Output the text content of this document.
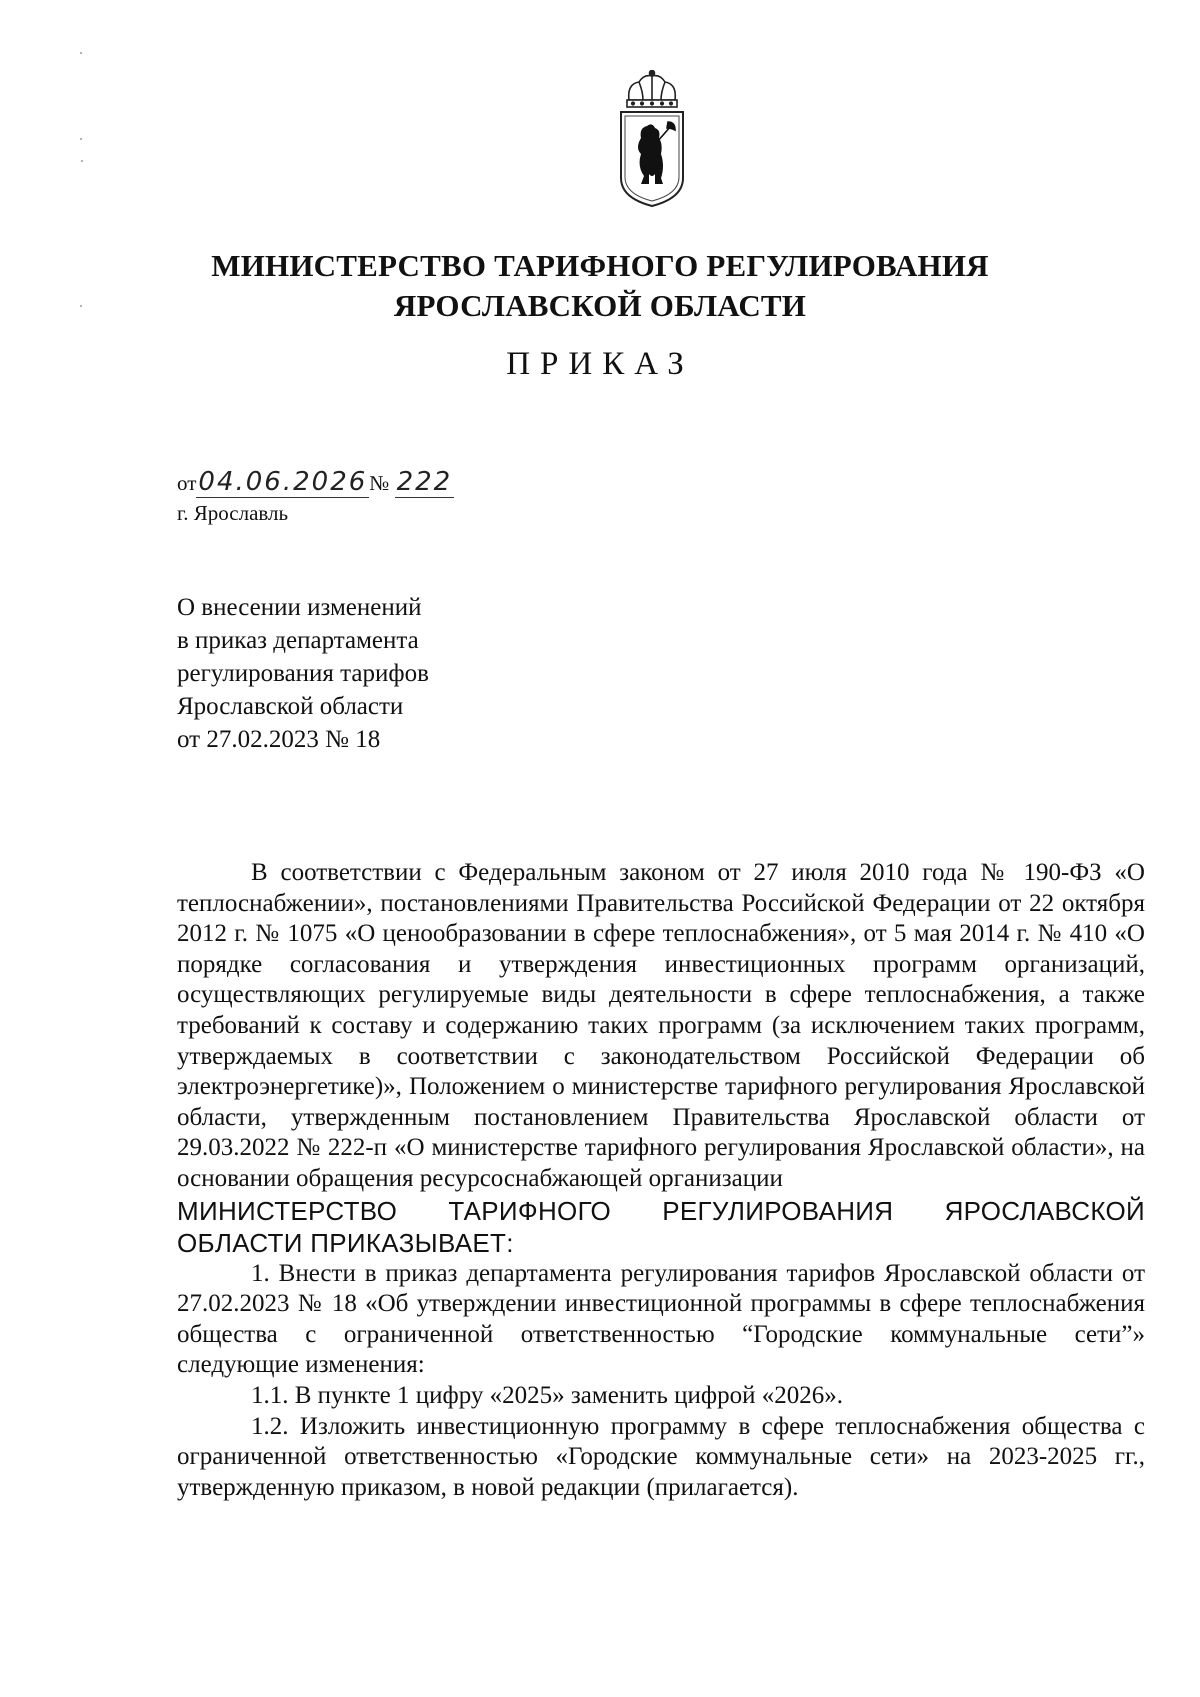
МИНИСТЕРСТВО ТАРИФНОГО РЕГУЛИРОВАНИЯ
ЯРОСЛАВСКОЙ ОБЛАСТИ
ПРИКАЗ
от04.06.2026№ 222
г. Ярославль
О внесении изменений
в приказ департамента
регулирования тарифов
Ярославской области
от 27.02.2023 № 18

В соответствии с Федеральным законом от 27 июля 2010 года № 190-ФЗ «О теплоснабжении», постановлениями Правительства Российской Федерации от 22 октября 2012 г. № 1075 «О ценообразовании в сфере теплоснабжения», от 5 мая 2014 г. № 410 «О порядке согласования и утверждения инвестиционных программ организаций, осуществляющих регулируемые виды деятельности в сфере теплоснабжения, а также требований к составу и содержанию таких программ (за исключением таких программ, утверждаемых в соответствии с законодательством Российской Федерации об электроэнергетике)», Положением о министерстве тарифного регулирования Ярославской области, утвержденным постановлением Правительства Ярославской области от 29.03.2022 № 222-п «О министерстве тарифного регулирования Ярославской области», на основании обращения ресурсоснабжающей организации

МИНИСТЕРСТВО ТАРИФНОГО РЕГУЛИРОВАНИЯ ЯРОСЛАВСКОЙ ОБЛАСТИ ПРИКАЗЫВАЕТ:

1. Внести в приказ департамента регулирования тарифов Ярославской области от 27.02.2023 № 18 «Об утверждении инвестиционной программы в сфере теплоснабжения общества с ограниченной ответственностью “Городские коммунальные сети”» следующие изменения:

1.1. В пункте 1 цифру «2025» заменить цифрой «2026».

1.2. Изложить инвестиционную программу в сфере теплоснабжения общества с ограниченной ответственностью «Городские коммунальные сети» на 2023-2025 гг., утвержденную приказом, в новой редакции (прилагается).
